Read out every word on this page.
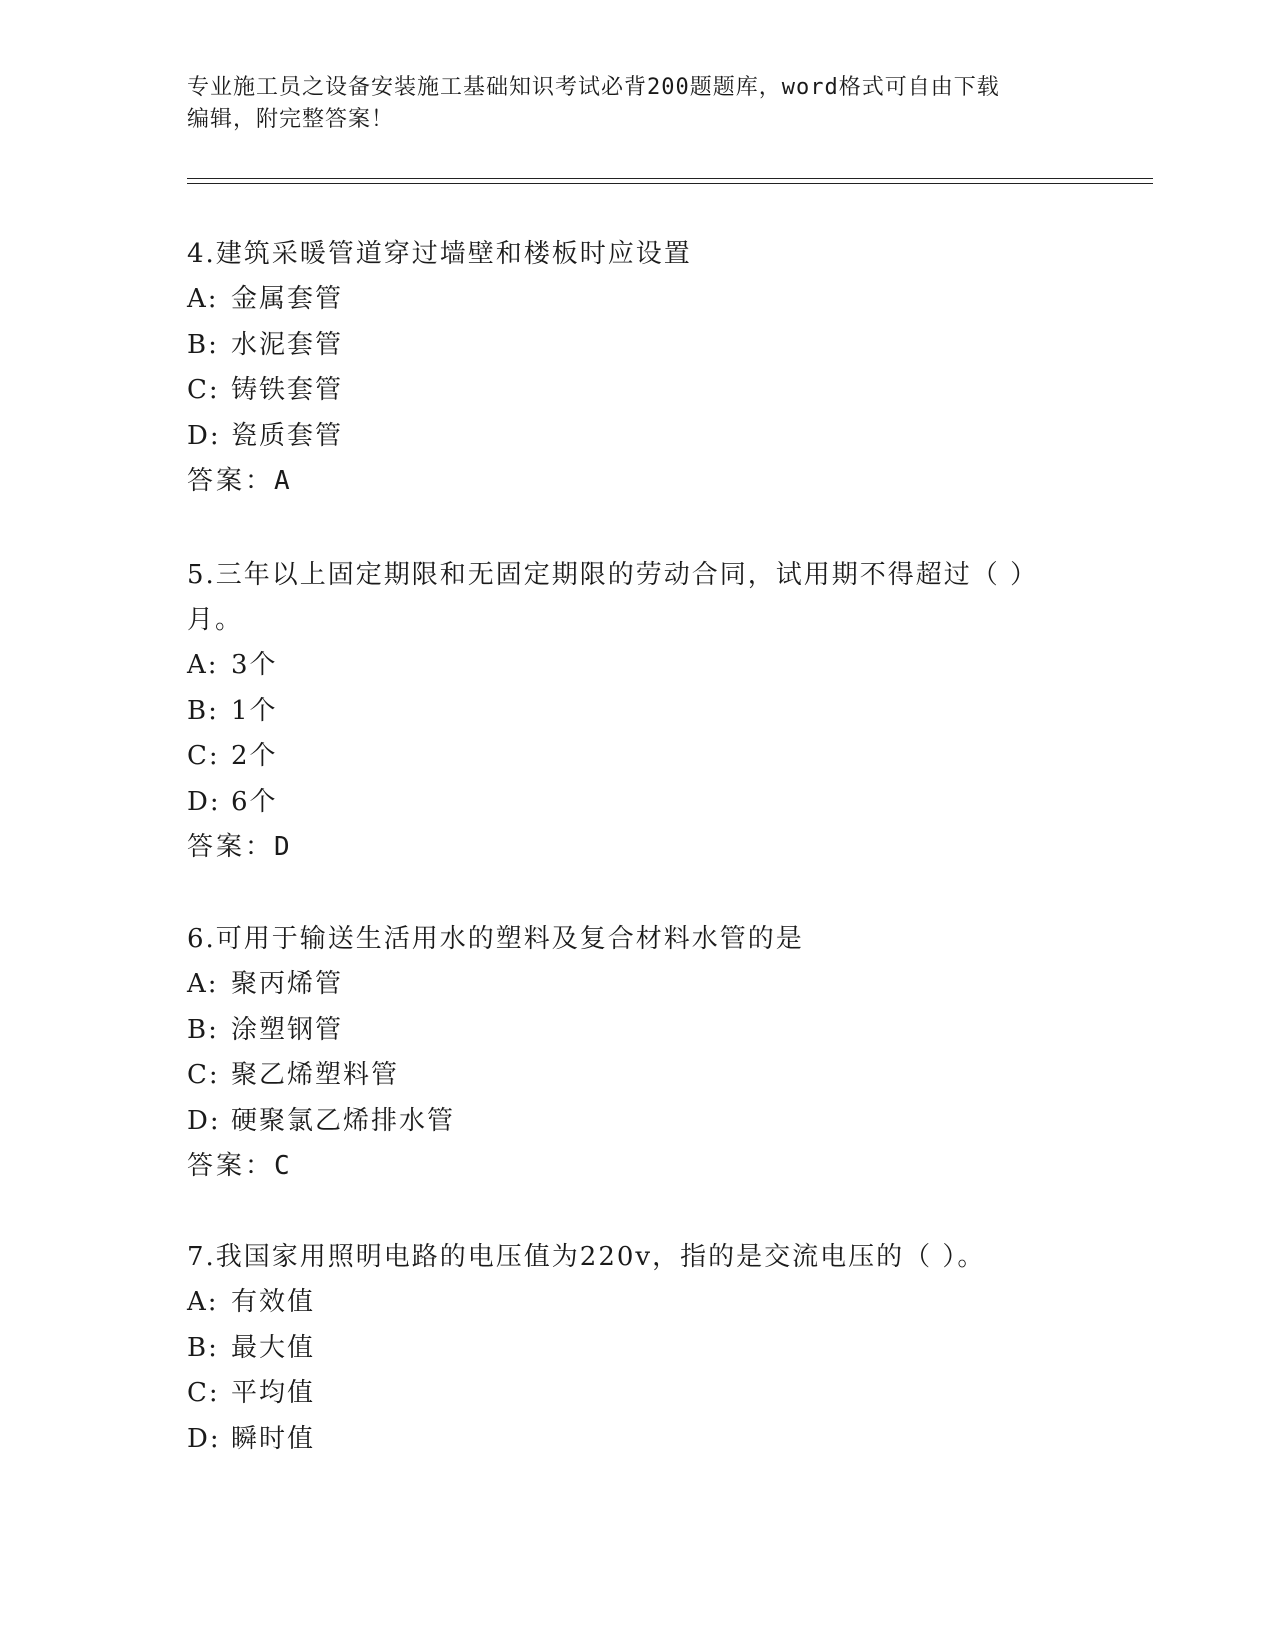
专业施工员之设备安装施工基础知识考试必背200题题库，word格式可自由下载
编辑，附完整答案！
4.建筑采暖管道穿过墙壁和楼板时应设置
A: 金属套管
B: 水泥套管
C: 铸铁套管
D: 瓷质套管
答案：A
5.三年以上固定期限和无固定期限的劳动合同，试用期不得超过（ ）月。
A: 3个
B: 1个
C: 2个
D: 6个
答案：D
6.可用于输送生活用水的塑料及复合材料水管的是
A: 聚丙烯管
B: 涂塑钢管
C: 聚乙烯塑料管
D: 硬聚氯乙烯排水管
答案：C
7.我国家用照明电路的电压值为220v，指的是交流电压的（ ）。
A: 有效值
B: 最大值
C: 平均值
D: 瞬时值
